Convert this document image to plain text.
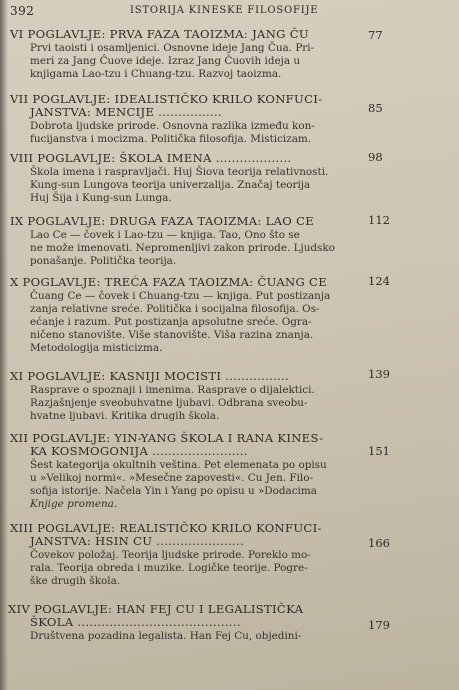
392	ISTORIJA KINESKE FILOSOFIJE
VI POGLAVLJE: PRVA FAZA TAOIZMA: JANG ČU	77
Prvi taoisti i osamljenici. Osnovne ideje Jang Čua. Pri-
meri za Jang Čuove ideje. Izraz Jang Čuovih ideja u
knjigama Lao-tzu i Chuang-tzu. Razvoj taoizma.
VII POGLAVLJE: IDEALISTIČKO KRILO KONFUCI-
JANSTVA: MENCIJE ................	85
Dobrota ljudske prirode. Osnovna razlika između kon-
fucijanstva i mocizma. Politička filosofija. Misticizam.
VIII POGLAVLJE: ŠKOLA IMENA ...................	98
Škola imena i raspravljači. Huj Šiova teorija relativnosti.
Kung-sun Lungova teorija univerzalija. Značaj teorija
Huj Šija i Kung-sun Lunga.
IX POGLAVLJE: DRUGA FAZA TAOIZMA: LAO CE	112
Lao Ce — čovek i Lao-tzu — knjiga. Tao, Ono što se
ne može imenovati. Nepromenljivi zakon prirode. Ljudsko
ponašanje. Politička teorija.
X POGLAVLJE: TREĆA FAZA TAOIZMA: ČUANG CE	124
Čuang Ce — čovek i Chuang-tzu — knjiga. Put postizanja
zanja relativne sreće. Politička i socijalna filosofija. Os-
ećanje i razum. Put postizanja apsolutne sreće. Ogra-
ničeno stanovište. Više stanovište. Viša razina znanja.
Metodologija misticizma.
XI POGLAVLJE: KASNIJI MOCISTI ................	139
Rasprave o spoznaji i imenima. Rasprave o dijalektici.
Razjašnjenje sveobuhvatne ljubavi. Odbrana sveobu-
hvatne ljubavi. Kritika drugih škola.
XII POGLAVLJE: YIN-YANG ŠKOLA I RANA KINES-
KA KOSMOGONIJA ........................	151
Šest kategorija okultnih veština. Pet elemenata po opisu
u »Velikoj normi«. »Mesečne zapovesti«. Cu Jen. Filo-
sofija istorije. Načela Yin i Yang po opisu u »Dodacima
Knjige promena.
XIII POGLAVLJE: REALISTIČKO KRILO KONFUCI-
JANSTVA: HSIN CU ......................	166
Čovekov položaj. Teorija ljudske prirode. Poreklo mo-
rala. Teorija obreda i muzike. Logičke teorije. Pogre-
ške drugih škola.
XIV POGLAVLJE: HAN FEJ CU I LEGALISTIČKA
ŠKOLA .........................................	179
Društvena pozadina legalista. Han Fej Cu, objedini-
